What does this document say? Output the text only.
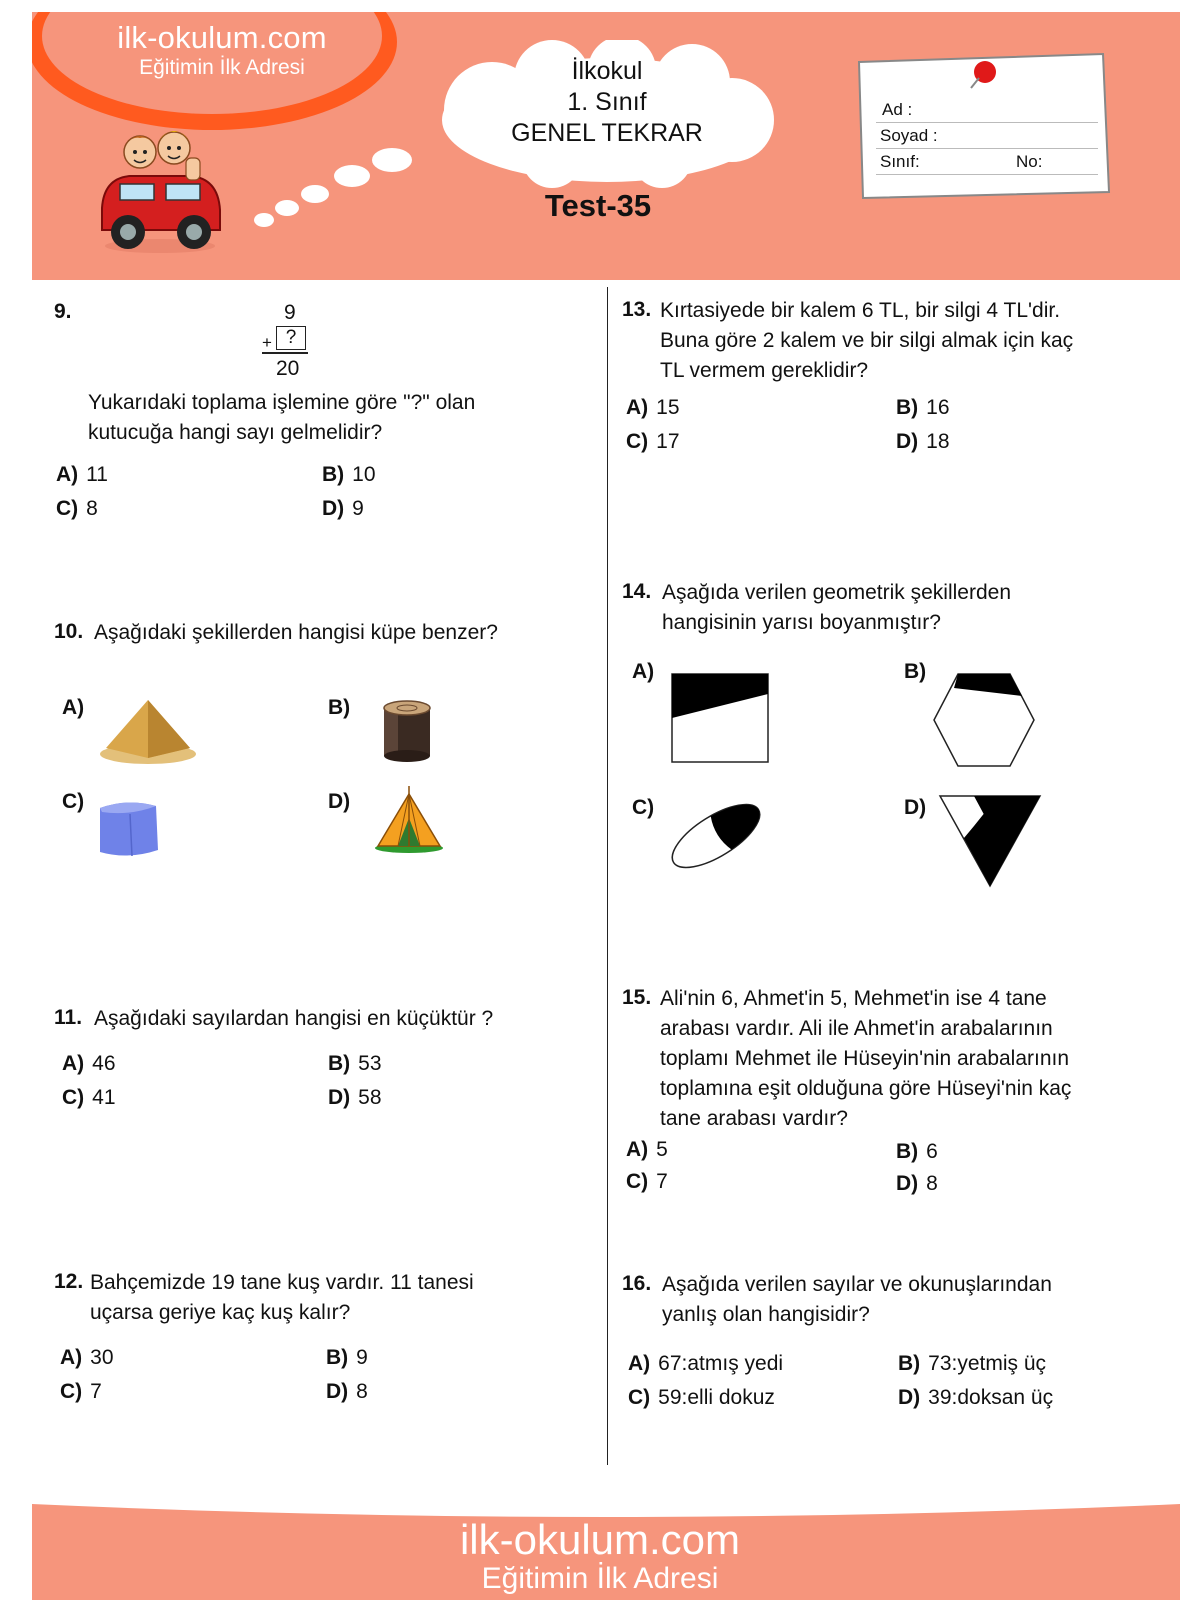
ilk-okulum.com
Eğitimin İlk Adresi	İlkokul
1. Sınıf
GENEL TEKRAR
Test-35
Ad :
Soyad :
Sınıf:	No:
9.	9
+ ?
20
Yukarıdaki toplama işlemine göre "?" olan
kutucuğa hangi sayı gelmelidir?
A) 11	B) 10
C) 8	D) 9
10. Aşağıdaki şekillerden hangisi küpe benzer?
A)	B)
C)	D)
11. Aşağıdaki sayılardan hangisi en küçüktür ?
A) 46	B) 53
C) 41	D) 58
12. Bahçemizde 19 tane kuş vardır. 11 tanesi
uçarsa geriye kaç kuş kalır?
A) 30	B) 9
C) 7	D) 8
13. Kırtasiyede bir kalem 6 TL, bir silgi 4 TL'dir.
Buna göre 2 kalem ve bir silgi almak için kaç
TL vermem gereklidir?
A) 15	B) 16
C) 17	D) 18
14. Aşağıda verilen geometrik şekillerden
hangisinin yarısı boyanmıştır?
A)	B)
C)	D)
15. Ali'nin 6, Ahmet'in 5, Mehmet'in ise 4 tane
arabası vardır. Ali ile Ahmet'in arabalarının
toplamı Mehmet ile Hüseyin'nin arabalarının
toplamına eşit olduğuna göre Hüseyi'nin kaç
tane arabası vardır?
A) 5	B) 6
C) 7	D) 8
16. Aşağıda verilen sayılar ve okunuşlarından
yanlış olan hangisidir?
A) 67:atmış yedi	B) 73:yetmiş üç
C) 59:elli dokuz	D) 39:doksan üç
ilk-okulum.com
Eğitimin İlk Adresi
